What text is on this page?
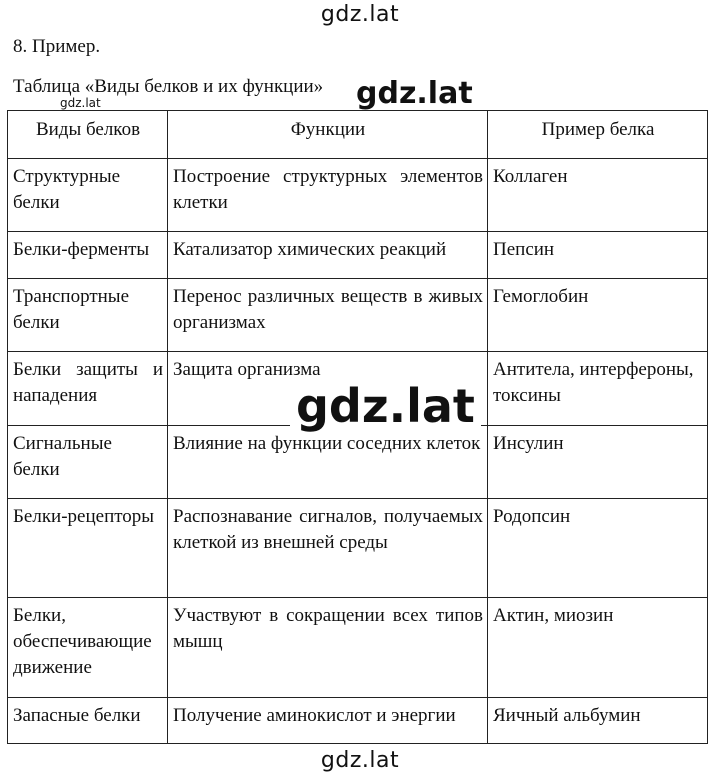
gdz.lat
8. Пример.
Таблица «Виды белков и их функции»
gdz.lat	gdz.lat
Виды белков	Функции	Пример белка
Структурные белки	Построение структурных элементов клетки	Коллаген
Белки-ферменты	Катализатор химических реакций	Пепсин
Транспортные белки	Перенос различных веществ в живых организмах	Гемоглобин
Белки защиты и нападения	Защита организма	Антитела, интерфероны, токсины
Сигнальные белки	Влияние на функции соседних клеток	Инсулин
Белки-рецепторы	Распознавание сигналов, получаемых клеткой из внешней среды	Родопсин
Белки, обеспечивающие движение	Участвуют в сокращении всех типов мышц	Актин, миозин
Запасные белки	Получение аминокислот и энергии	Яичный альбумин
gdz.lat
gdz.lat
